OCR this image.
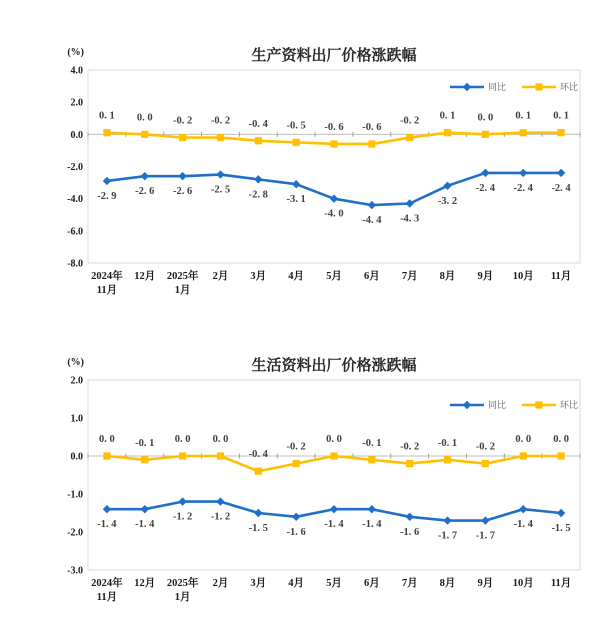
(%)	生产资料出厂价格涨跌幅
同比	环比
4.0
2.0
0.0
-2.0
-4.0
-6.0
-8.0
2024年
11月
12月 2025年
1月
2月 3月 4月 5月 6月 7月 8月 9月 10月 11月
-2. 9 -2. 6 -2. 6 -2. 5 -2. 8 -3. 1
-4. 0
-4. 4 -4. 3
-3. 2
-2. 4 -2. 4 -2. 4
0. 1 0. 0 -0. 2 -0. 2 -0. 4 -0. 5 -0. 6 -0. 6
-0. 2 0. 1 0. 0 0. 1 0. 1
(%)	生活资料出厂价格涨跌幅
同比	环比
2.0
1.0
0.0
-1.0
-2.0
-3.0
2024年
11月
12月 2025年
1月
2月 3月 4月 5月 6月 7月 8月 9月 10月 11月
-1. 4 -1. 4
-1. 2 -1. 2
-1. 5 -1. 6
-1. 4 -1. 4
-1. 6 -1. 7 -1. 7
-1. 4 -1. 5
0. 0 -0. 1 0. 0 0. 0
-0. 4
-0. 2
0. 0 -0. 1 -0. 2 -0. 1 -0. 2
0. 0 0. 0
